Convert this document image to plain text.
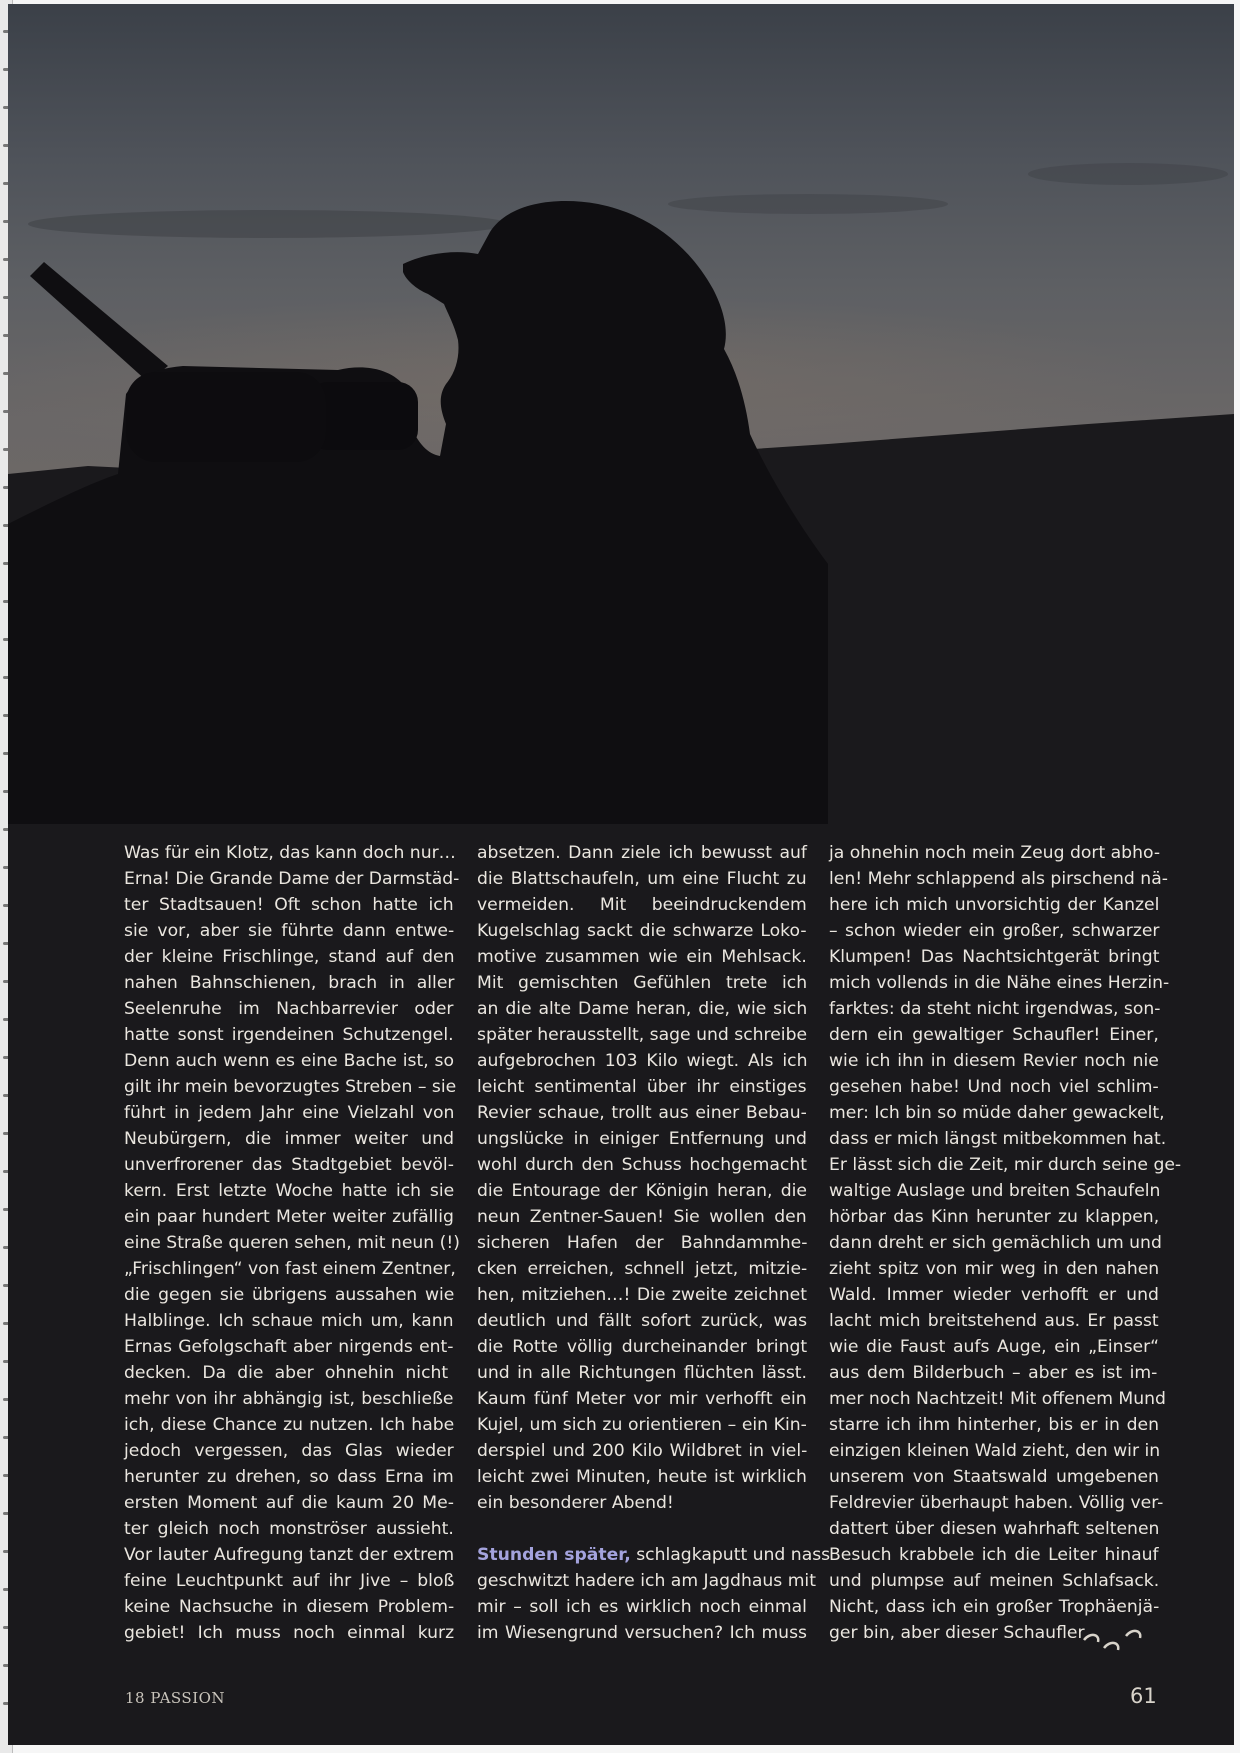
Was für ein Klotz, das kann doch nur…
Erna! Die Grande Dame der Darmstäd-
ter Stadtsauen! Oft schon hatte ich
sie vor, aber sie führte dann entwe-
der kleine Frischlinge, stand auf den
nahen Bahnschienen, brach in aller
Seelenruhe im Nachbarrevier oder
hatte sonst irgendeinen Schutzengel.
Denn auch wenn es eine Bache ist, so
gilt ihr mein bevorzugtes Streben – sie
führt in jedem Jahr eine Vielzahl von
Neubürgern, die immer weiter und
unverfrorener das Stadtgebiet bevöl-
kern. Erst letzte Woche hatte ich sie
ein paar hundert Meter weiter zufällig
eine Straße queren sehen, mit neun (!)
„Frischlingen“ von fast einem Zentner,
die gegen sie übrigens aussahen wie
Halblinge. Ich schaue mich um, kann
Ernas Gefolgschaft aber nirgends ent-
decken. Da die aber ohnehin nicht
mehr von ihr abhängig ist, beschließe
ich, diese Chance zu nutzen. Ich habe
jedoch vergessen, das Glas wieder
herunter zu drehen, so dass Erna im
ersten Moment auf die kaum 20 Me-
ter gleich noch monströser aussieht.
Vor lauter Aufregung tanzt der extrem
feine Leuchtpunkt auf ihr Jive – bloß
keine Nachsuche in diesem Problem-
gebiet! Ich muss noch einmal kurz
absetzen. Dann ziele ich bewusst auf
die Blattschaufeln, um eine Flucht zu
vermeiden. Mit beeindruckendem
Kugelschlag sackt die schwarze Loko-
motive zusammen wie ein Mehlsack.
Mit gemischten Gefühlen trete ich
an die alte Dame heran, die, wie sich
später herausstellt, sage und schreibe
aufgebrochen 103 Kilo wiegt. Als ich
leicht sentimental über ihr einstiges
Revier schaue, trollt aus einer Bebau-
ungslücke in einiger Entfernung und
wohl durch den Schuss hochgemacht
die Entourage der Königin heran, die
neun Zentner-Sauen! Sie wollen den
sicheren Hafen der Bahndammhe-
cken erreichen, schnell jetzt, mitzie-
hen, mitziehen…! Die zweite zeichnet
deutlich und fällt sofort zurück, was
die Rotte völlig durcheinander bringt
und in alle Richtungen flüchten lässt.
Kaum fünf Meter vor mir verhofft ein
Kujel, um sich zu orientieren – ein Kin-
derspiel und 200 Kilo Wildbret in viel-
leicht zwei Minuten, heute ist wirklich
ein besonderer Abend!
Stunden später, schlagkaputt und nass
geschwitzt hadere ich am Jagdhaus mit
mir – soll ich es wirklich noch einmal
im Wiesengrund versuchen? Ich muss
ja ohnehin noch mein Zeug dort abho-
len! Mehr schlappend als pirschend nä-
here ich mich unvorsichtig der Kanzel
– schon wieder ein großer, schwarzer
Klumpen! Das Nachtsichtgerät bringt
mich vollends in die Nähe eines Herzin-
farktes: da steht nicht irgendwas, son-
dern ein gewaltiger Schaufler! Einer,
wie ich ihn in diesem Revier noch nie
gesehen habe! Und noch viel schlim-
mer: Ich bin so müde daher gewackelt,
dass er mich längst mitbekommen hat.
Er lässt sich die Zeit, mir durch seine ge-
waltige Auslage und breiten Schaufeln
hörbar das Kinn herunter zu klappen,
dann dreht er sich gemächlich um und
zieht spitz von mir weg in den nahen
Wald. Immer wieder verhofft er und
lacht mich breitstehend aus. Er passt
wie die Faust aufs Auge, ein „Einser“
aus dem Bilderbuch – aber es ist im-
mer noch Nachtzeit! Mit offenem Mund
starre ich ihm hinterher, bis er in den
einzigen kleinen Wald zieht, den wir in
unserem von Staatswald umgebenen
Feldrevier überhaupt haben. Völlig ver-
dattert über diesen wahrhaft seltenen
Besuch krabbele ich die Leiter hinauf
und plumpse auf meinen Schlafsack.
Nicht, dass ich ein großer Trophäenjä-
ger bin, aber dieser Schaufler
18 PASSION	61
